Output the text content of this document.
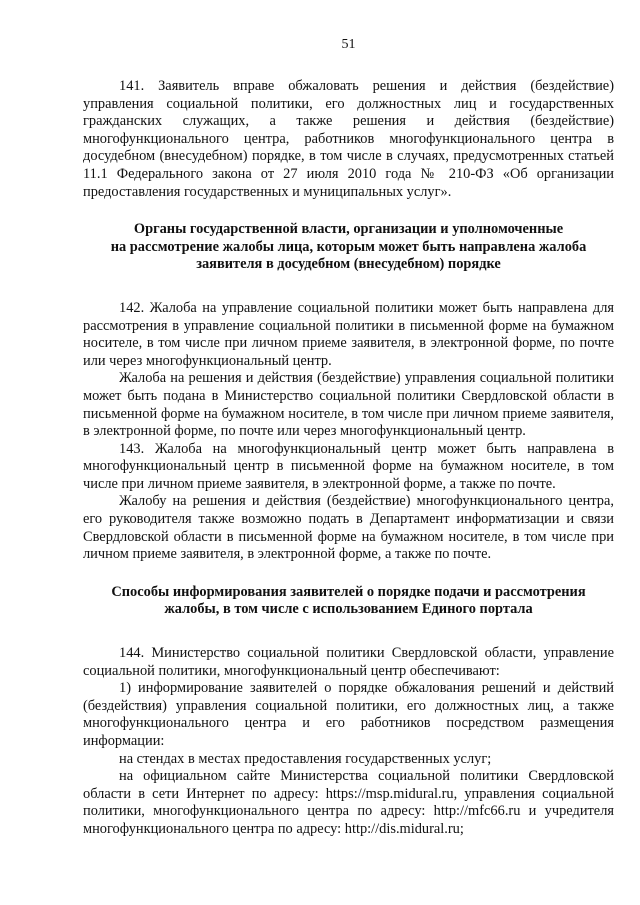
51

141. Заявитель вправе обжаловать решения и действия (бездействие) управления социальной политики, его должностных лиц и государственных гражданских служащих, а также решения и действия (бездействие) многофункционального центра, работников многофункционального центра в досудебном (внесудебном) порядке, в том числе в случаях, предусмотренных статьей 11.1 Федерального закона от 27 июля 2010 года № 210-ФЗ «Об организации предоставления государственных и муниципальных услуг».

Органы государственной власти, организации и уполномоченные
на рассмотрение жалобы лица, которым может быть направлена жалоба
заявителя в досудебном (внесудебном) порядке

142. Жалоба на управление социальной политики может быть направлена для рассмотрения в управление социальной политики в письменной форме на бумажном носителе, в том числе при личном приеме заявителя, в электронной форме, по почте или через многофункциональный центр.

Жалоба на решения и действия (бездействие) управления социальной политики может быть подана в Министерство социальной политики Свердловской области в письменной форме на бумажном носителе, в том числе при личном приеме заявителя, в электронной форме, по почте или через многофункциональный центр.

143. Жалоба на многофункциональный центр может быть направлена в многофункциональный центр в письменной форме на бумажном носителе, в том числе при личном приеме заявителя, в электронной форме, а также по почте.

Жалобу на решения и действия (бездействие) многофункционального центра, его руководителя также возможно подать в Департамент информатизации и связи Свердловской области в письменной форме на бумажном носителе, в том числе при личном приеме заявителя, в электронной форме, а также по почте.

Способы информирования заявителей о порядке подачи и рассмотрения
жалобы, в том числе с использованием Единого портала

144. Министерство социальной политики Свердловской области, управление социальной политики, многофункциональный центр обеспечивают:

1) информирование заявителей о порядке обжалования решений и действий (бездействия) управления социальной политики, его должностных лиц, а также многофункционального центра и его работников посредством размещения информации:

на стендах в местах предоставления государственных услуг;

на официальном сайте Министерства социальной политики Свердловской области в сети Интернет по адресу: https://msp.midural.ru, управления социальной политики, многофункционального центра по адресу: http://mfc66.ru и учредителя многофункционального центра по адресу: http://dis.midural.ru;
